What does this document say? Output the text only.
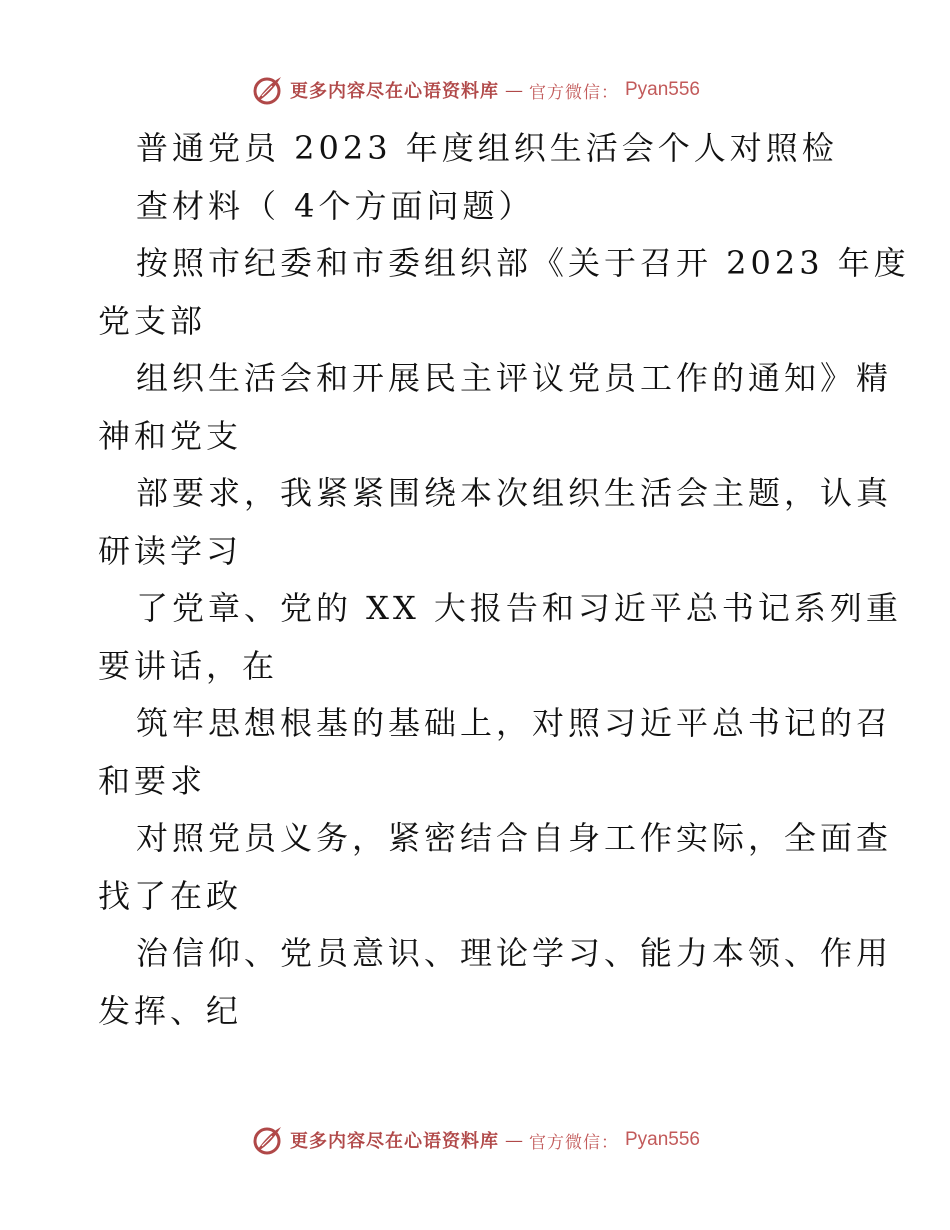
更多内容尽在心语资料库 — 官方微信： Pyan556
普通党员 2023 年度组织生活会个人对照检
查材料（ 4个方面问题）
按照市纪委和市委组织部《关于召开 2023 年度
党支部
组织生活会和开展民主评议党员工作的通知》精
神和党支
部要求，我紧紧围绕本次组织生活会主题，认真
研读学习
了党章、党的 XX 大报告和习近平总书记系列重
要讲话，在
筑牢思想根基的基础上，对照习近平总书记的召
和要求
对照党员义务，紧密结合自身工作实际，全面查
找了在政
治信仰、党员意识、理论学习、能力本领、作用
发挥、纪
更多内容尽在心语资料库 — 官方微信： Pyan556
